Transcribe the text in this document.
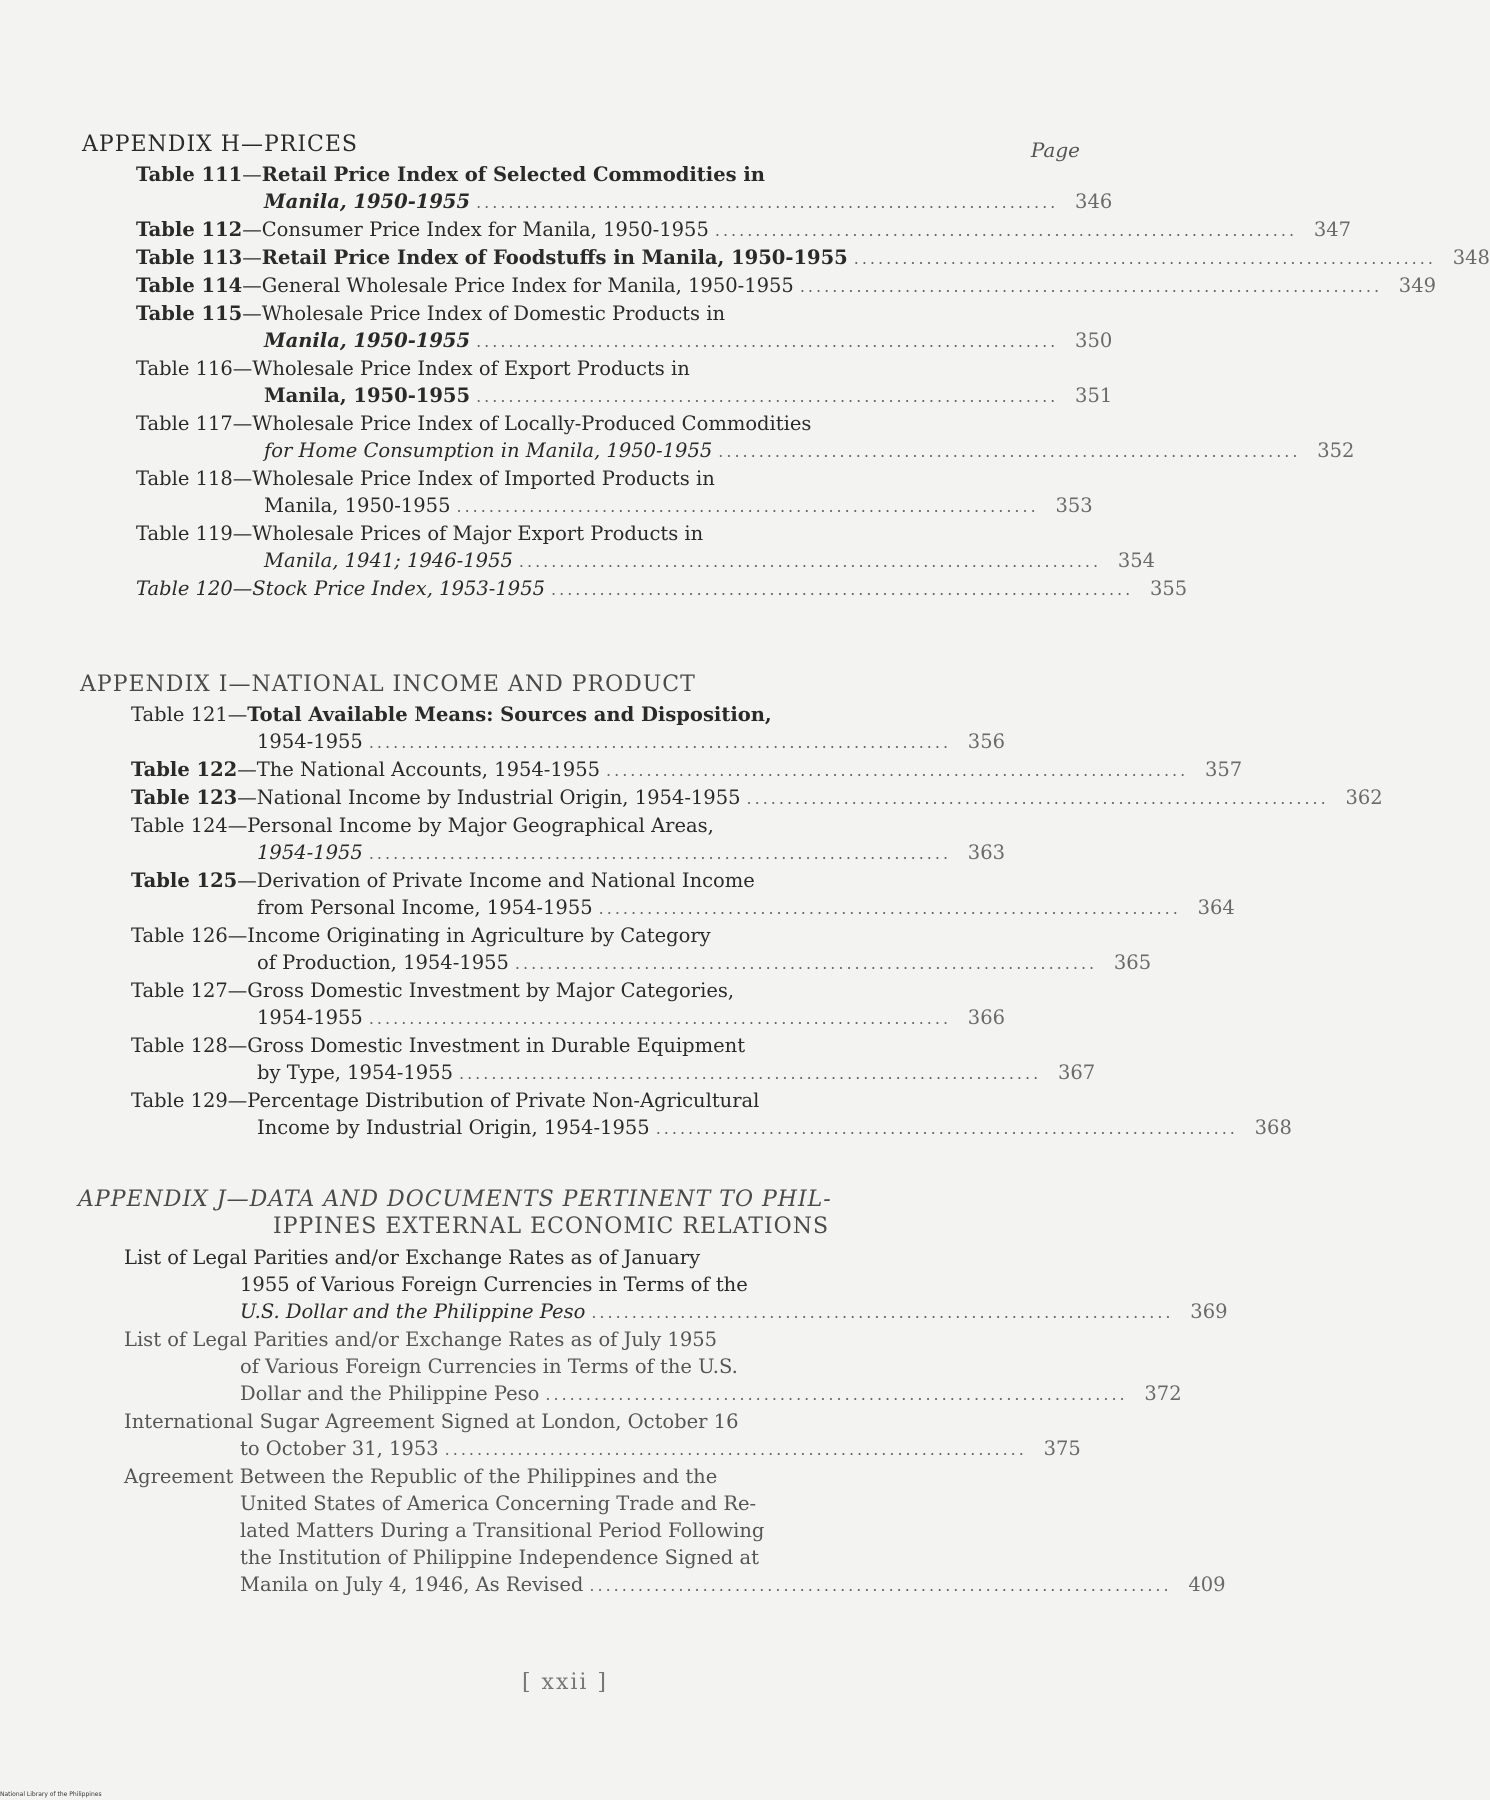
Page
APPENDIX H—PRICES
Table 111—Retail Price Index of Selected Commodities in
Manila, 1950-1955 ........................................................................ 346
Table 112—Consumer Price Index for Manila, 1950-1955 ........................................................................ 347
Table 113—Retail Price Index of Foodstuffs in Manila, 1950-1955 ........................................................................ 348
Table 114—General Wholesale Price Index for Manila, 1950-1955 ........................................................................ 349
Table 115—Wholesale Price Index of Domestic Products in
Manila, 1950-1955 ........................................................................ 350
Table 116—Wholesale Price Index of Export Products in
Manila, 1950-1955 ........................................................................ 351
Table 117—Wholesale Price Index of Locally-Produced Commodities
for Home Consumption in Manila, 1950-1955 ........................................................................ 352
Table 118—Wholesale Price Index of Imported Products in
Manila, 1950-1955 ........................................................................ 353
Table 119—Wholesale Prices of Major Export Products in
Manila, 1941; 1946-1955 ........................................................................ 354
Table 120—Stock Price Index, 1953-1955 ........................................................................ 355
APPENDIX I—NATIONAL INCOME AND PRODUCT
Table 121—Total Available Means: Sources and Disposition,
1954-1955 ........................................................................ 356
Table 122—The National Accounts, 1954-1955 ........................................................................ 357
Table 123—National Income by Industrial Origin, 1954-1955 ........................................................................ 362
Table 124—Personal Income by Major Geographical Areas,
1954-1955 ........................................................................ 363
Table 125—Derivation of Private Income and National Income
from Personal Income, 1954-1955 ........................................................................ 364
Table 126—Income Originating in Agriculture by Category
of Production, 1954-1955 ........................................................................ 365
Table 127—Gross Domestic Investment by Major Categories,
1954-1955 ........................................................................ 366
Table 128—Gross Domestic Investment in Durable Equipment
by Type, 1954-1955 ........................................................................ 367
Table 129—Percentage Distribution of Private Non-Agricultural
Income by Industrial Origin, 1954-1955 ........................................................................ 368
APPENDIX J—DATA AND DOCUMENTS PERTINENT TO PHIL-
IPPINES EXTERNAL ECONOMIC RELATIONS
List of Legal Parities and/or Exchange Rates as of January
1955 of Various Foreign Currencies in Terms of the
U.S. Dollar and the Philippine Peso ........................................................................ 369
List of Legal Parities and/or Exchange Rates as of July 1955
of Various Foreign Currencies in Terms of the U.S.
Dollar and the Philippine Peso ........................................................................ 372
International Sugar Agreement Signed at London, October 16
to October 31, 1953 ........................................................................ 375
Agreement Between the Republic of the Philippines and the
United States of America Concerning Trade and Re-
lated Matters During a Transitional Period Following
the Institution of Philippine Independence Signed at
Manila on July 4, 1946, As Revised ........................................................................ 409
[ xxii ]
National Library of the Philippines
